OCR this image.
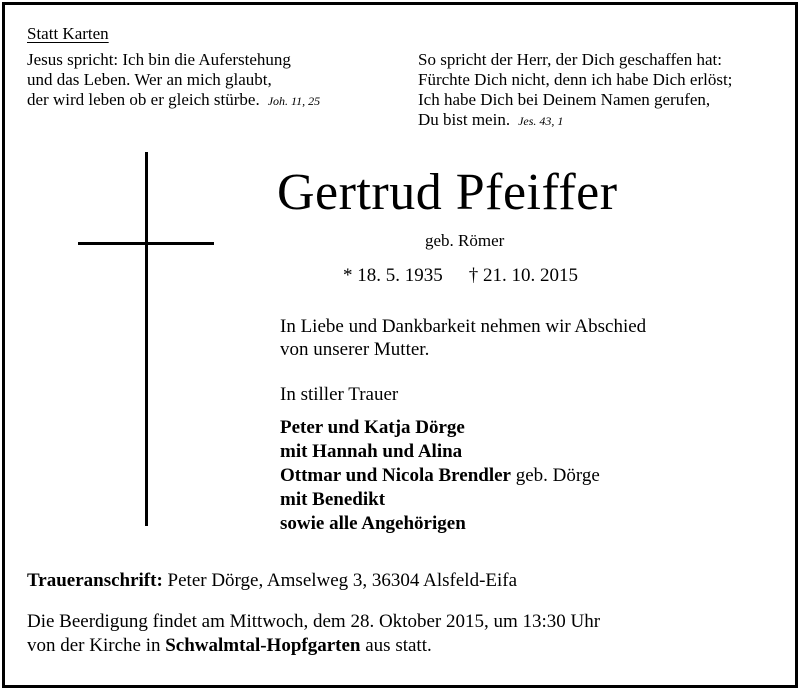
Statt Karten
Jesus spricht: Ich bin die Auferstehung
und das Leben. Wer an mich glaubt,
der wird leben ob er gleich stürbe. Joh. 11, 25
So spricht der Herr, der Dich geschaffen hat:
Fürchte Dich nicht, denn ich habe Dich erlöst;
Ich habe Dich bei Deinem Namen gerufen,
Du bist mein. Jes. 43, 1
Gertrud Pfeiffer
geb. Römer
* 18. 5. 1935 † 21. 10. 2015
In Liebe und Dankbarkeit nehmen wir Abschied
von unserer Mutter.
In stiller Trauer
Peter und Katja Dörge
mit Hannah und Alina
Ottmar und Nicola Brendler geb. Dörge
mit Benedikt
sowie alle Angehörigen
Traueranschrift: Peter Dörge, Amselweg 3, 36304 Alsfeld-Eifa
Die Beerdigung findet am Mittwoch, dem 28. Oktober 2015, um 13:30 Uhr
von der Kirche in Schwalmtal-Hopfgarten aus statt.
